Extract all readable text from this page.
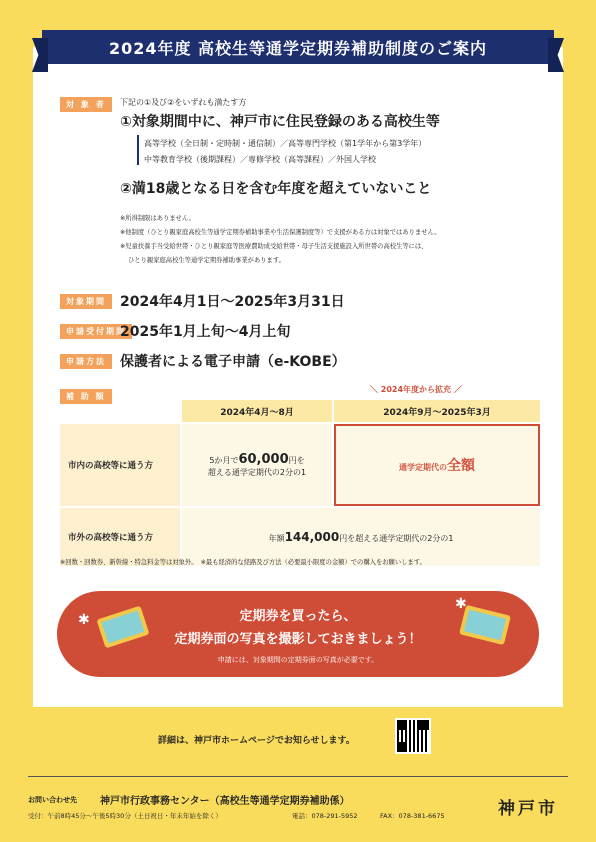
2024年度 高校生等通学定期券補助制度のご案内
対 象 者	下記の①及び②をいずれも満たす方
①対象期間中に、神戸市に住民登録のある高校生等
高等学校（全日制・定時制・通信制）／高等専門学校（第1学年から第3学年）
中等教育学校（後期課程）／専修学校（高等課程）／外国人学校
②満18歳となる日を含む年度を超えていないこと
※所得制限はありません。
※他制度（ひとり親家庭高校生等通学定期券補助事業や生活保護制度等）で支援がある方は対象ではありません。
※児童扶養手当受給世帯・ひとり親家庭等医療費助成受給世帯・母子生活支援施設入所世帯の高校生等には、
ひとり親家庭高校生等通学定期券補助事業があります。
対象期間	2024年4月1日～2025年3月31日
申請受付期間
2025年1月上旬～4月上旬
申請方法	保護者による電子申請（e-KOBE）
補 助 額
＼ 2024年度から拡充 ／
	2024年4月～8月	2024年9月～2025年3月
市内の高校等に通う方	5か月で60,000円を
超える通学定期代の2分の1	通学定期代の全額
市外の高校等に通う方	年額144,000円を超える通学定期代の2分の1	
※回数・回数券、新幹線・特急料金等は対象外。　※最も経済的な経路及び方法（必要最小限度の金額）での購入をお願いします。
定期券を買ったら、
定期券面の写真を撮影しておきましょう！
申請には、対象期間の定期券面の写真が必要です。
✱
✱
詳細は、神戸市ホームページでお知らせします。
お問い合わせ先 神戸市行政事務センター（高校生等通学定期券補助係）
受付：午前8時45分～午後5時30分（土日祝日・年末年始を除く）	電話：078-291-5952	FAX：078-381-6675	神戸市
